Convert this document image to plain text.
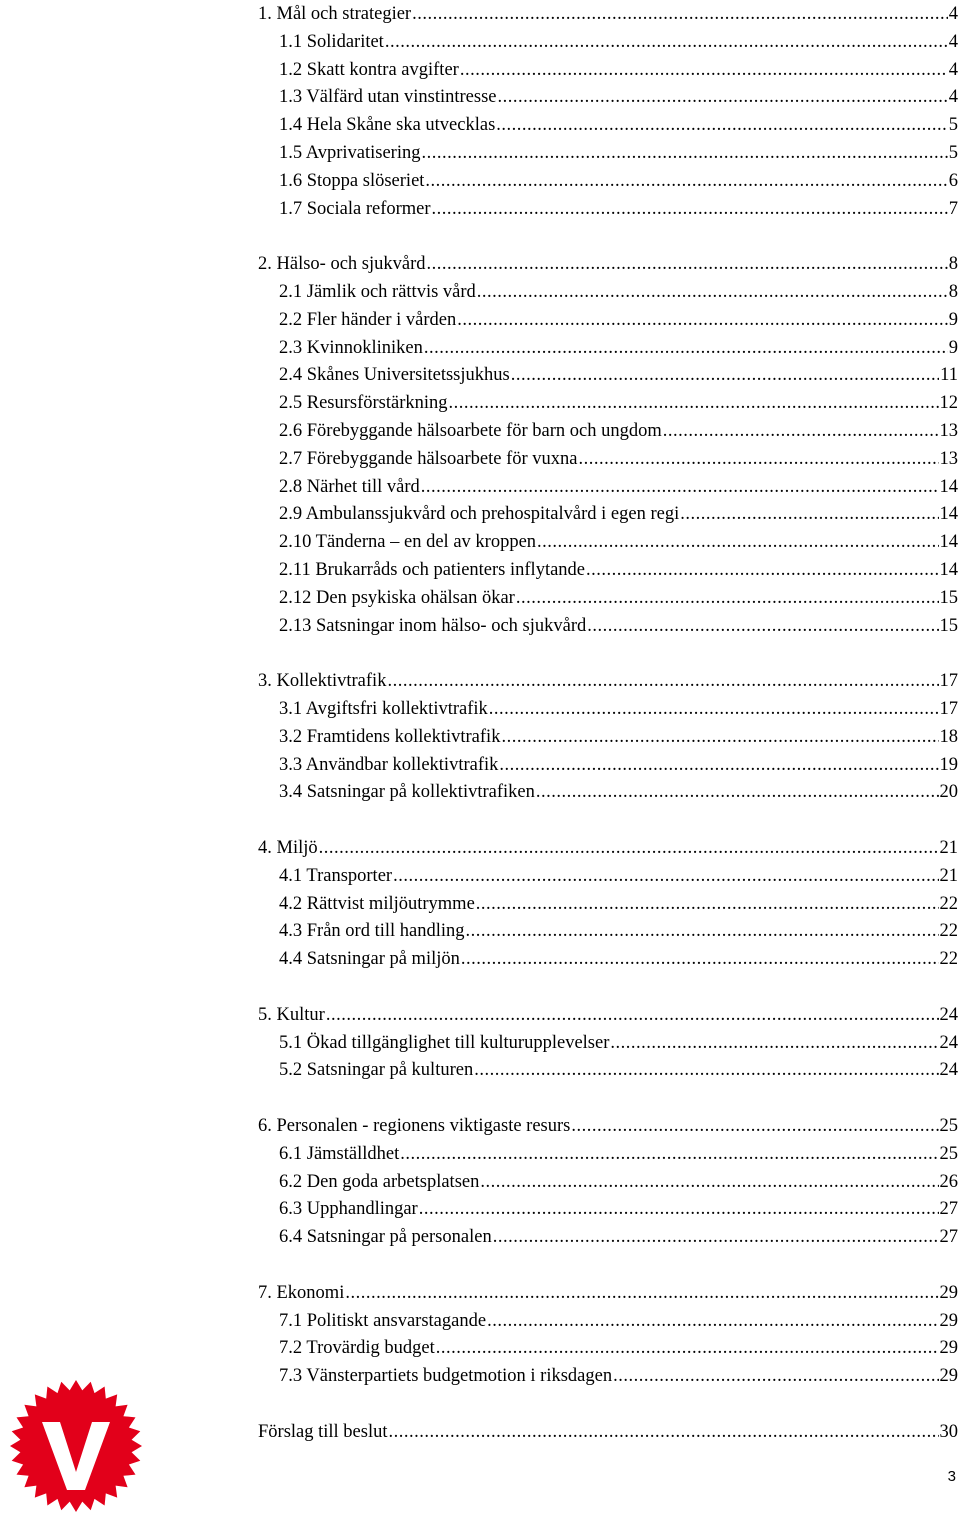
1. Mål och strategier .....	4
1.1 Solidaritet .....	4
1.2 Skatt kontra avgifter .....	4
1.3 Välfärd utan vinstintresse .....	4
1.4 Hela Skåne ska utvecklas .....	5
1.5 Avprivatisering .....	5
1.6 Stoppa slöseriet .....	6
1.7 Sociala reformer .....	7
2. Hälso- och sjukvård .....	8
2.1 Jämlik och rättvis vård .....	8
2.2 Fler händer i vården .....	9
2.3 Kvinnokliniken .....	9
2.4 Skånes Universitetssjukhus .....	11
2.5 Resursförstärkning .....	12
2.6 Förebyggande hälsoarbete för barn och ungdom .....	13
2.7 Förebyggande hälsoarbete för vuxna .....	13
2.8 Närhet till vård .....	14
2.9 Ambulanssjukvård och prehospitalvård i egen regi .....	14
2.10 Tänderna – en del av kroppen .....	14
2.11 Brukarråds och patienters inflytande .....	14
2.12 Den psykiska ohälsan ökar .....	15
2.13 Satsningar inom hälso- och sjukvård .....	15
3. Kollektivtrafik .....	17
3.1 Avgiftsfri kollektivtrafik .....	17
3.2 Framtidens kollektivtrafik .....	18
3.3 Användbar kollektivtrafik .....	19
3.4 Satsningar på kollektivtrafiken .....	20
4. Miljö .....	21
4.1 Transporter .....	21
4.2 Rättvist miljöutrymme .....	22
4.3 Från ord till handling .....	22
4.4 Satsningar på miljön .....	22
5. Kultur .....	24
5.1 Ökad tillgänglighet till kulturupplevelser .....	24
5.2 Satsningar på kulturen .....	24
6. Personalen - regionens viktigaste resurs .....	25
6.1 Jämställdhet .....	25
6.2 Den goda arbetsplatsen .....	26
6.3 Upphandlingar .....	27
6.4 Satsningar på personalen .....	27
7. Ekonomi .....	29
7.1 Politiskt ansvarstagande .....	29
7.2 Trovärdig budget .....	29
7.3 Vänsterpartiets budgetmotion i riksdagen .....	29
Förslag till beslut .....	30
3
